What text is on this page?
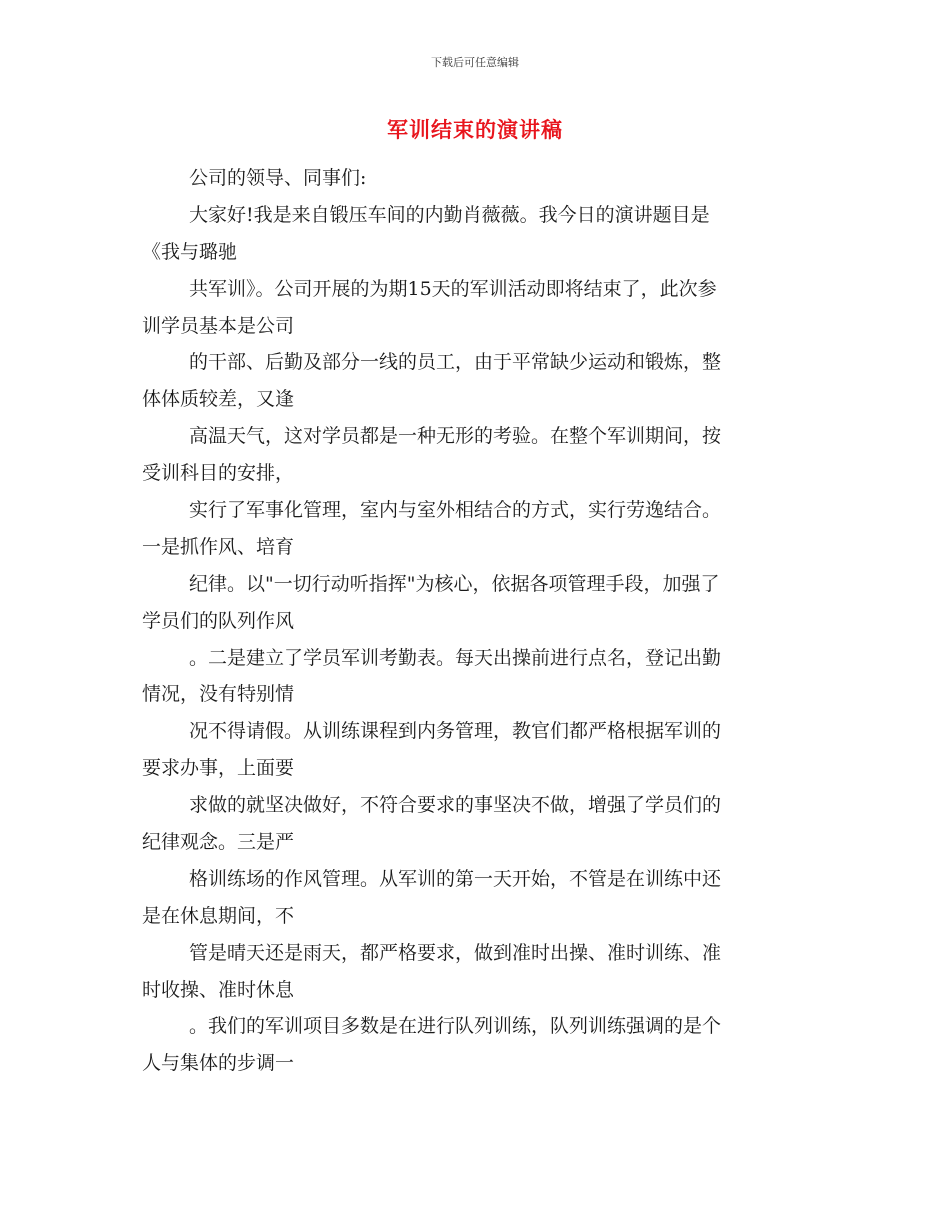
下载后可任意编辑
军训结束的演讲稿
公司的领导、同事们:
大家好!我是来自锻压车间的内勤肖薇薇。我今日的演讲题目是
《我与璐驰
共军训》。公司开展的为期15天的军训活动即将结束了，此次参
训学员基本是公司
的干部、后勤及部分一线的员工，由于平常缺少运动和锻炼，整
体体质较差，又逢
高温天气，这对学员都是一种无形的考验。在整个军训期间，按
受训科目的安排，
实行了军事化管理，室内与室外相结合的方式，实行劳逸结合。
一是抓作风、培育
纪律。以"一切行动听指挥"为核心，依据各项管理手段，加强了
学员们的队列作风
。二是建立了学员军训考勤表。每天出操前进行点名，登记出勤
情况，没有特别情
况不得请假。从训练课程到内务管理，教官们都严格根据军训的
要求办事，上面要
求做的就坚决做好，不符合要求的事坚决不做，增强了学员们的
纪律观念。三是严
格训练场的作风管理。从军训的第一天开始，不管是在训练中还
是在休息期间，不
管是晴天还是雨天，都严格要求，做到准时出操、准时训练、准
时收操、准时休息
。我们的军训项目多数是在进行队列训练，队列训练强调的是个
人与集体的步调一
